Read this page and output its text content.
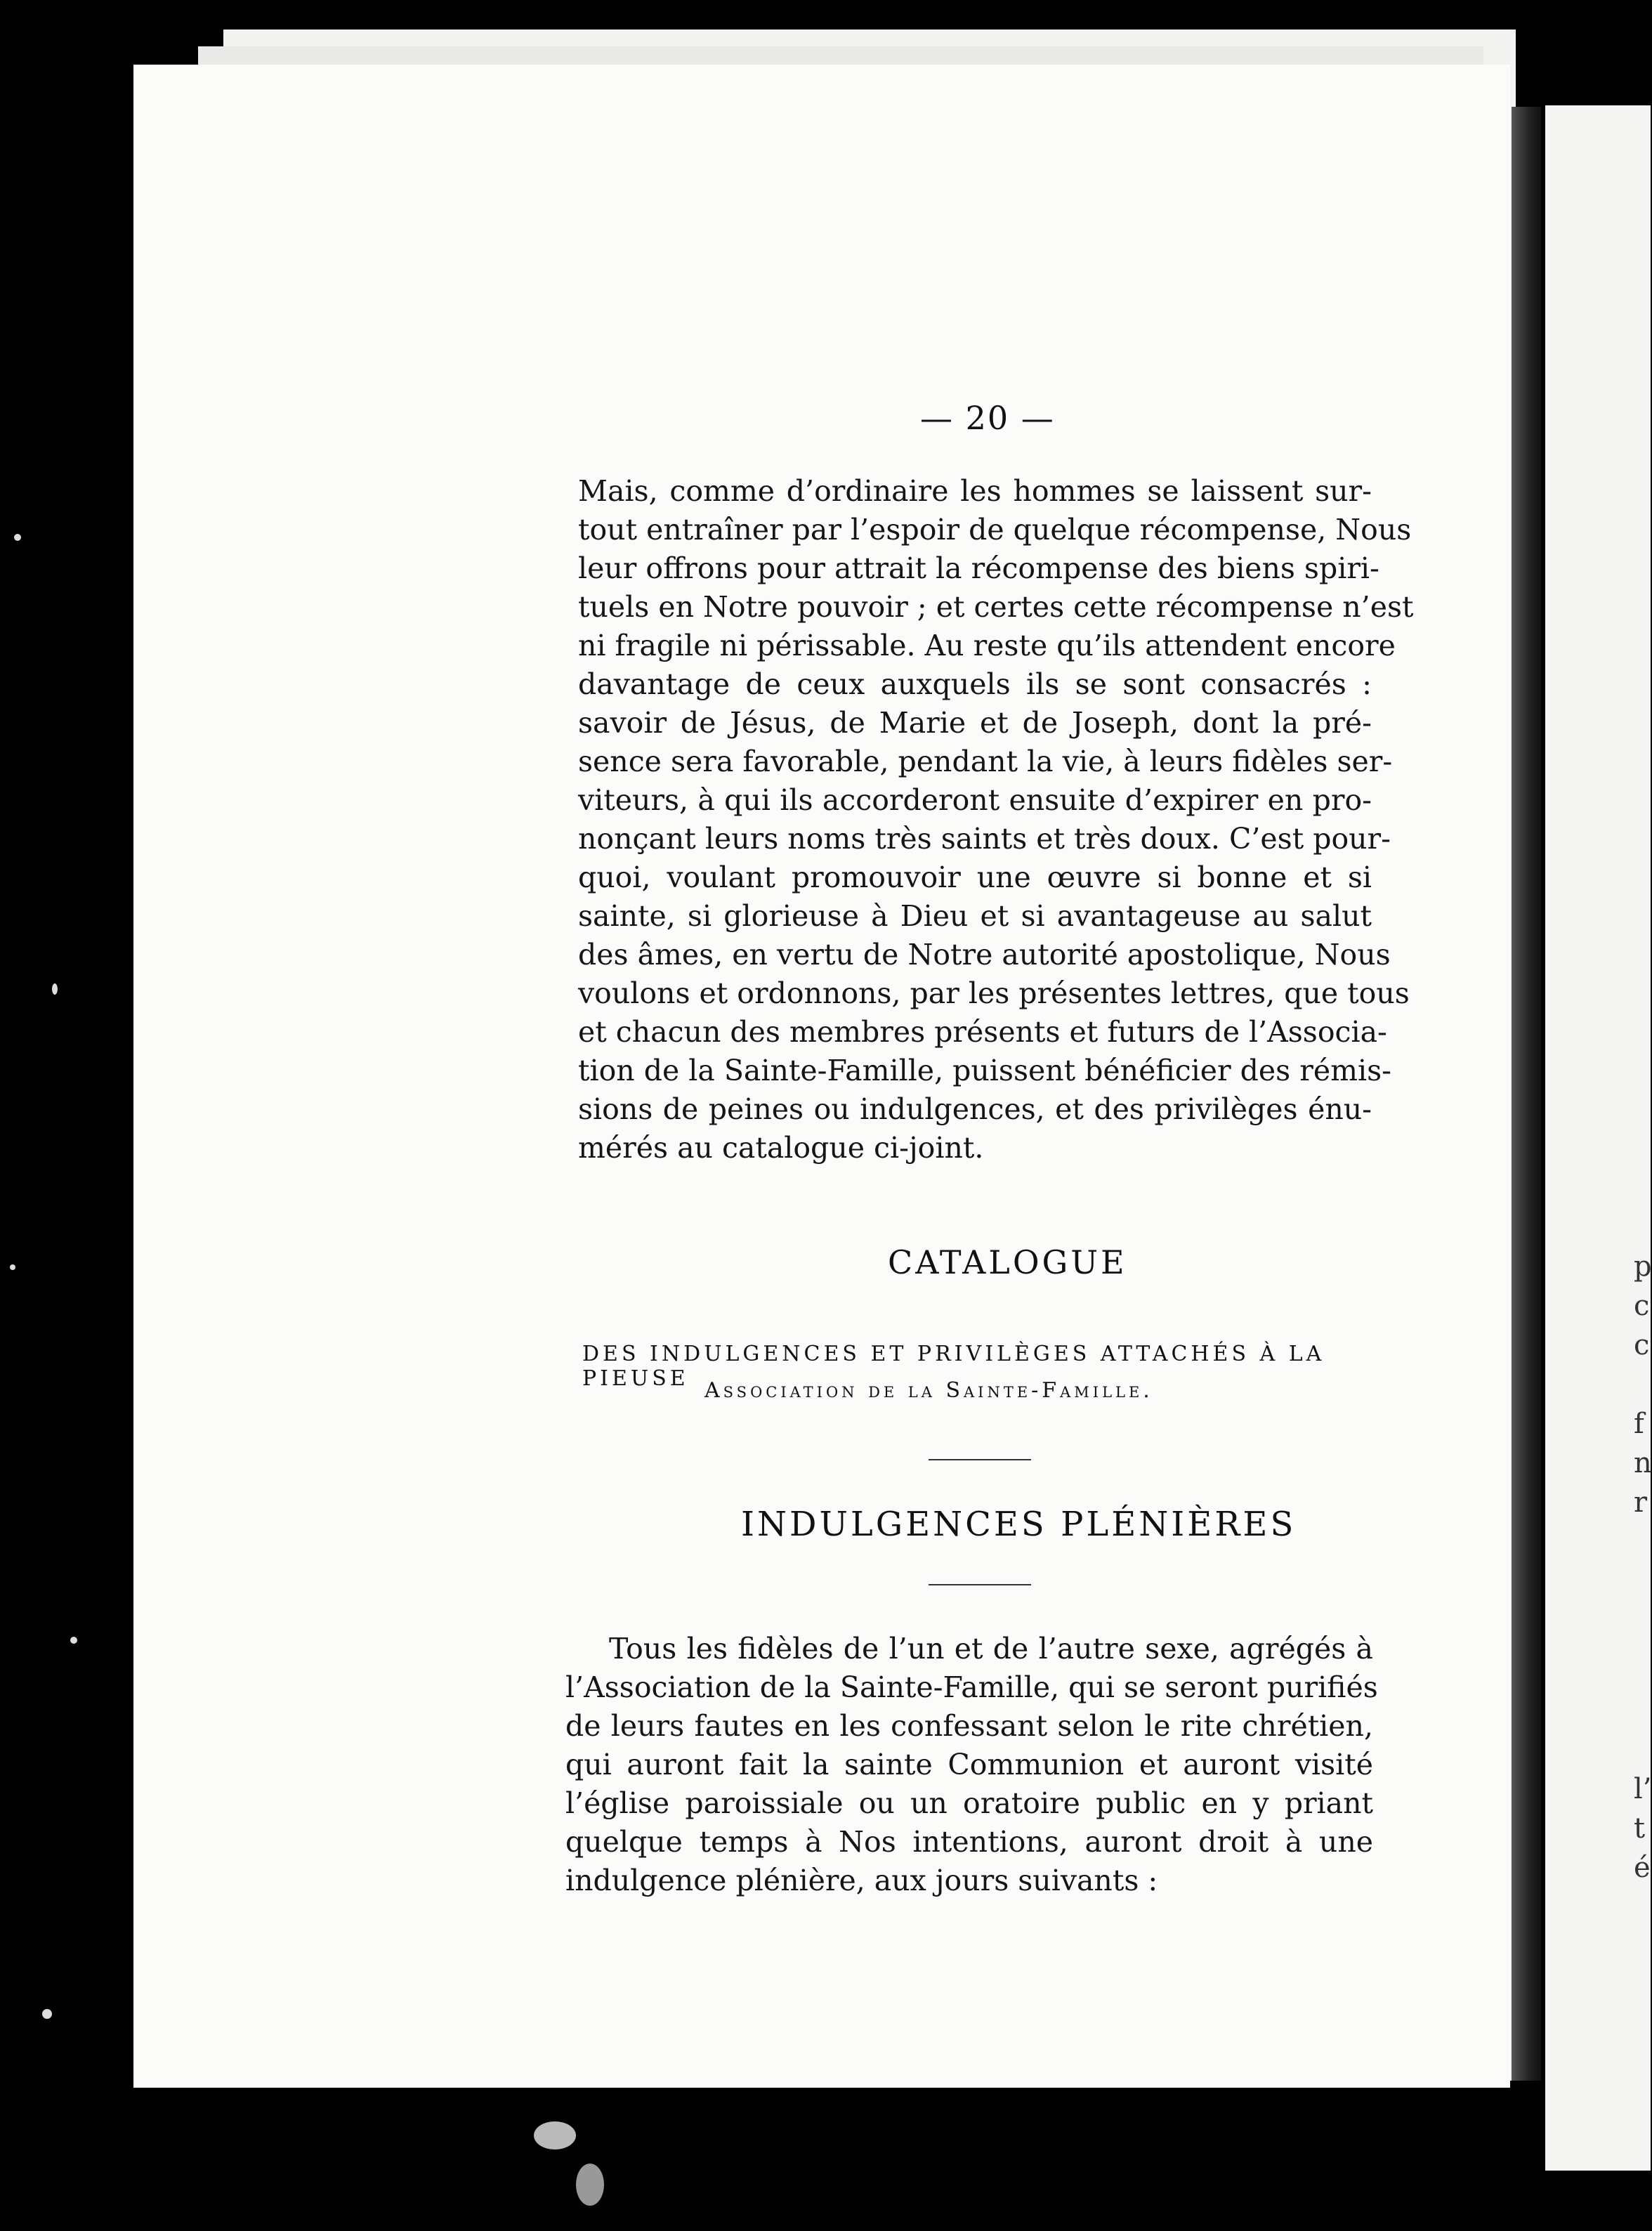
p
c
c
f
n
r
l’
t
é
— 20 —
Mais, comme d’ordinaire les hommes se laissent sur-
tout entraîner par l’espoir de quelque récompense, Nous
leur offrons pour attrait la récompense des biens spiri-
tuels en Notre pouvoir ; et certes cette récompense n’est
ni fragile ni périssable. Au reste qu’ils attendent encore
davantage de ceux auxquels ils se sont consacrés :
savoir de Jésus, de Marie et de Joseph, dont la pré-
sence sera favorable, pendant la vie, à leurs fidèles ser-
viteurs, à qui ils accorderont ensuite d’expirer en pro-
nonçant leurs noms très saints et très doux. C’est pour-
quoi, voulant promouvoir une œuvre si bonne et si
sainte, si glorieuse à Dieu et si avantageuse au salut
des âmes, en vertu de Notre autorité apostolique, Nous
voulons et ordonnons, par les présentes lettres, que tous
et chacun des membres présents et futurs de l’Associa-
tion de la Sainte-Famille, puissent bénéficier des rémis-
sions de peines ou indulgences, et des privilèges énu-
mérés au catalogue ci-joint.
CATALOGUE
DES INDULGENCES ET PRIVILÈGES ATTACHÉS À LA PIEUSE Association de la Sainte-Famille.
INDULGENCES PLÉNIÈRES
Tous les fidèles de l’un et de l’autre sexe, agrégés à
l’Association de la Sainte-Famille, qui se seront purifiés
de leurs fautes en les confessant selon le rite chrétien,
qui auront fait la sainte Communion et auront visité
l’église paroissiale ou un oratoire public en y priant
quelque temps à Nos intentions, auront droit à une
indulgence plénière, aux jours suivants :
